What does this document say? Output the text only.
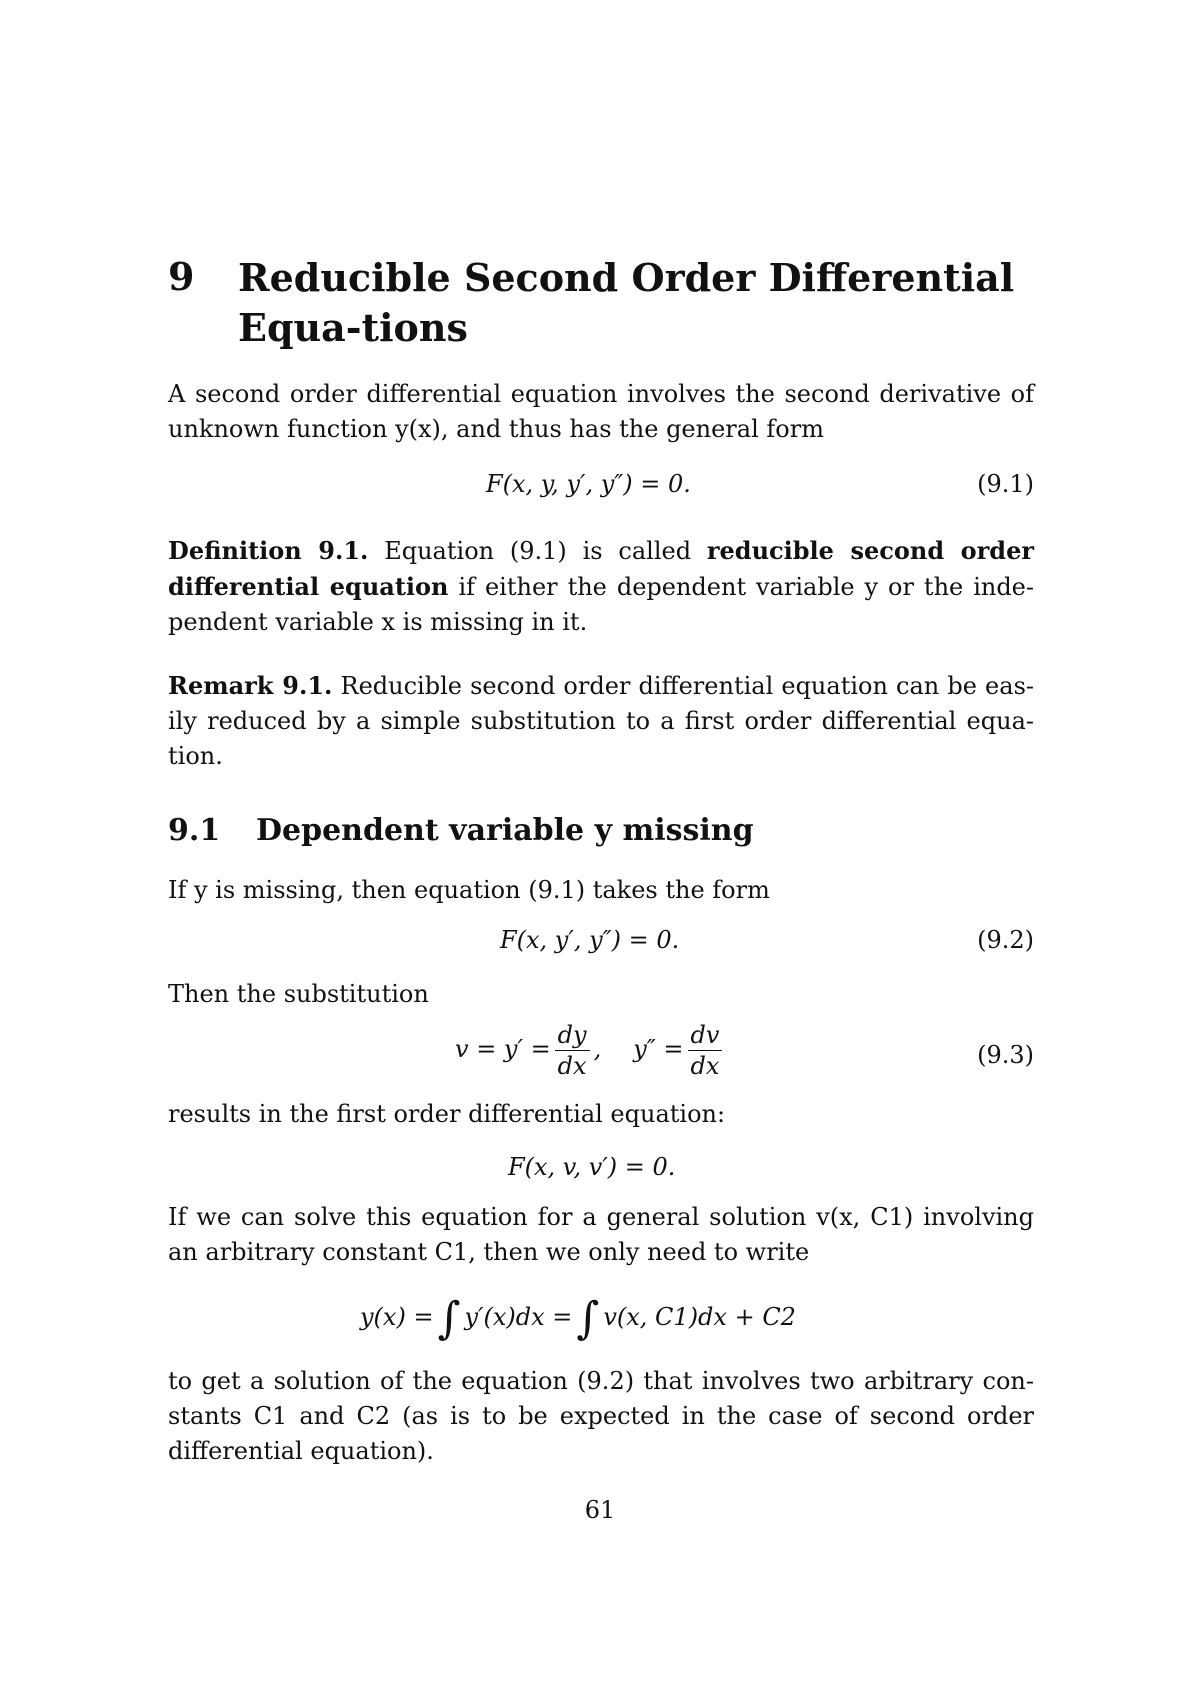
9 Reducible Second Order Differential Equa-tions
A second order differential equation involves the second derivative of
unknown function y(x), and thus has the general form
F(x, y, y′, y″) = 0.	(9.1)
Definition 9.1. Equation (9.1) is called reducible second order differential equation if either the dependent variable y or the inde-pendent variable x is missing in it.
Remark 9.1. Reducible second order differential equation can be eas-ily reduced by a simple substitution to a first order differential equa-tion.
9.1 Dependent variable y missing
If y is missing, then equation (9.1) takes the form
F(x, y′, y″) = 0.	(9.2)
Then the substitution
$v = y' = \frac{dy}{dx}$ , $y'' = \frac{dv}{dx}$	(9.3)
results in the first order differential equation:
F(x, v, v′) = 0.
If we can solve this equation for a general solution v(x, C1) involving
an arbitrary constant C1, then we only need to write
y(x) =∫ y′(x)dx =∫ v(x, C1)dx + C2
to get a solution of the equation (9.2) that involves two arbitrary con-stants C1 and C2 (as is to be expected in the case of second order differential equation).
61
